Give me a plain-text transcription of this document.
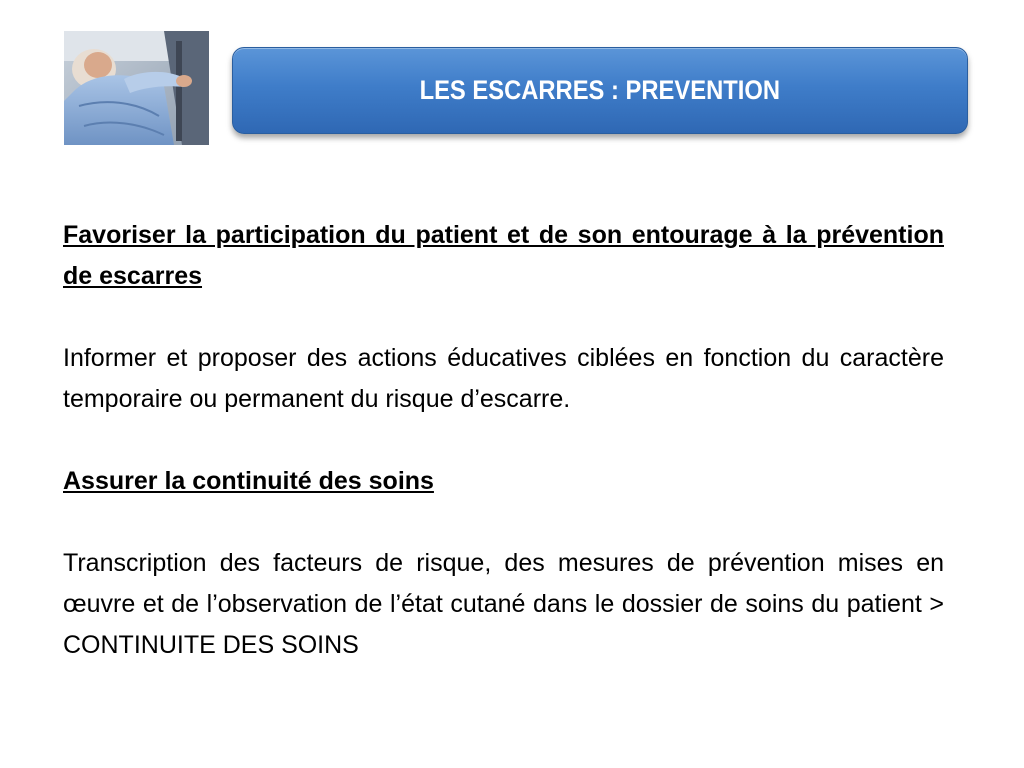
LES ESCARRES : PREVENTION

Favoriser la participation du patient et de son entourage à la prévention de escarres

Informer et proposer des actions éducatives ciblées en fonction du caractère temporaire ou permanent du risque d’escarre.

Assurer la continuité des soins

Transcription des facteurs de risque, des mesures de prévention mises en œuvre et de l’observation de l’état cutané dans le dossier de soins du patient > CONTINUITE DES SOINS
